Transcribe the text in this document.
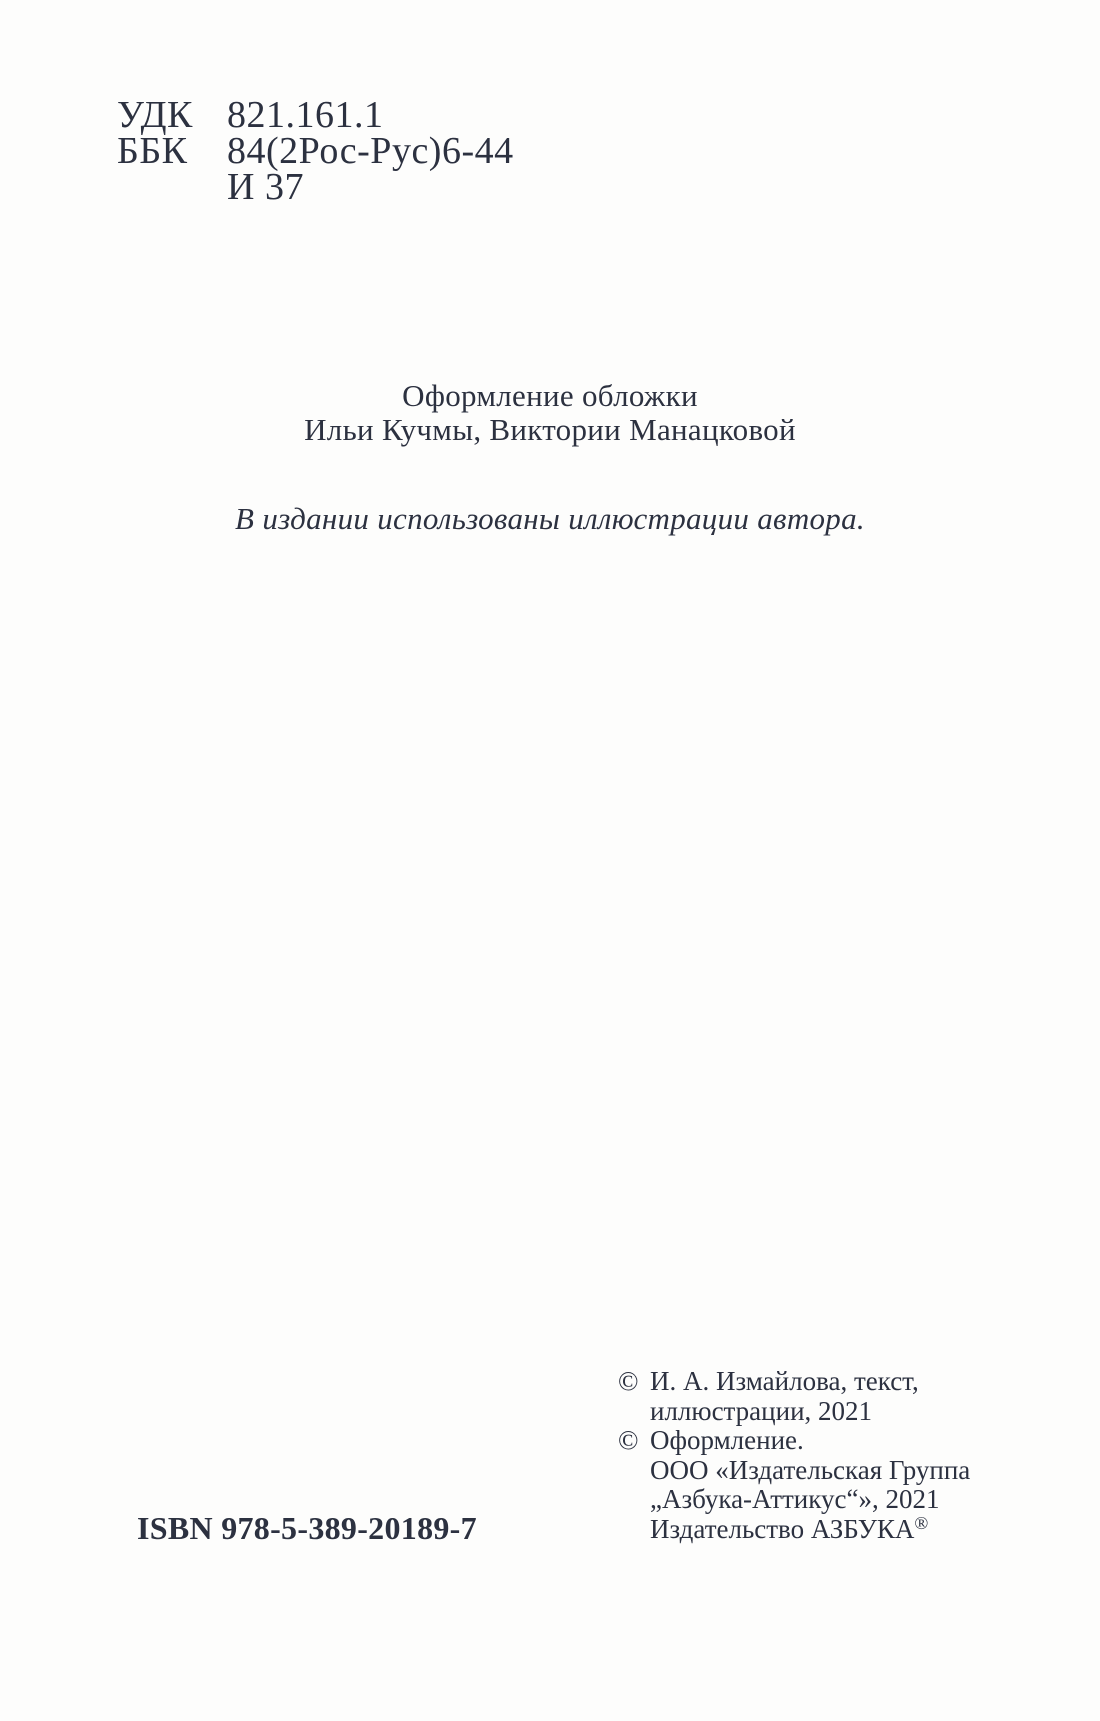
УДК 821.161.1
ББК	84(2Рос-Рус)6-44
И 37
Оформление обложки
Ильи Кучмы, Виктории Манацковой
В издании использованы иллюстрации автора.
© И. А. Измайлова, текст,
иллюстрации, 2021
© Оформление.
ООО «Издательская Группа
„Азбука-Аттикус“», 2021
Издательство АЗБУКА®
ISBN 978-5-389-20189-7
